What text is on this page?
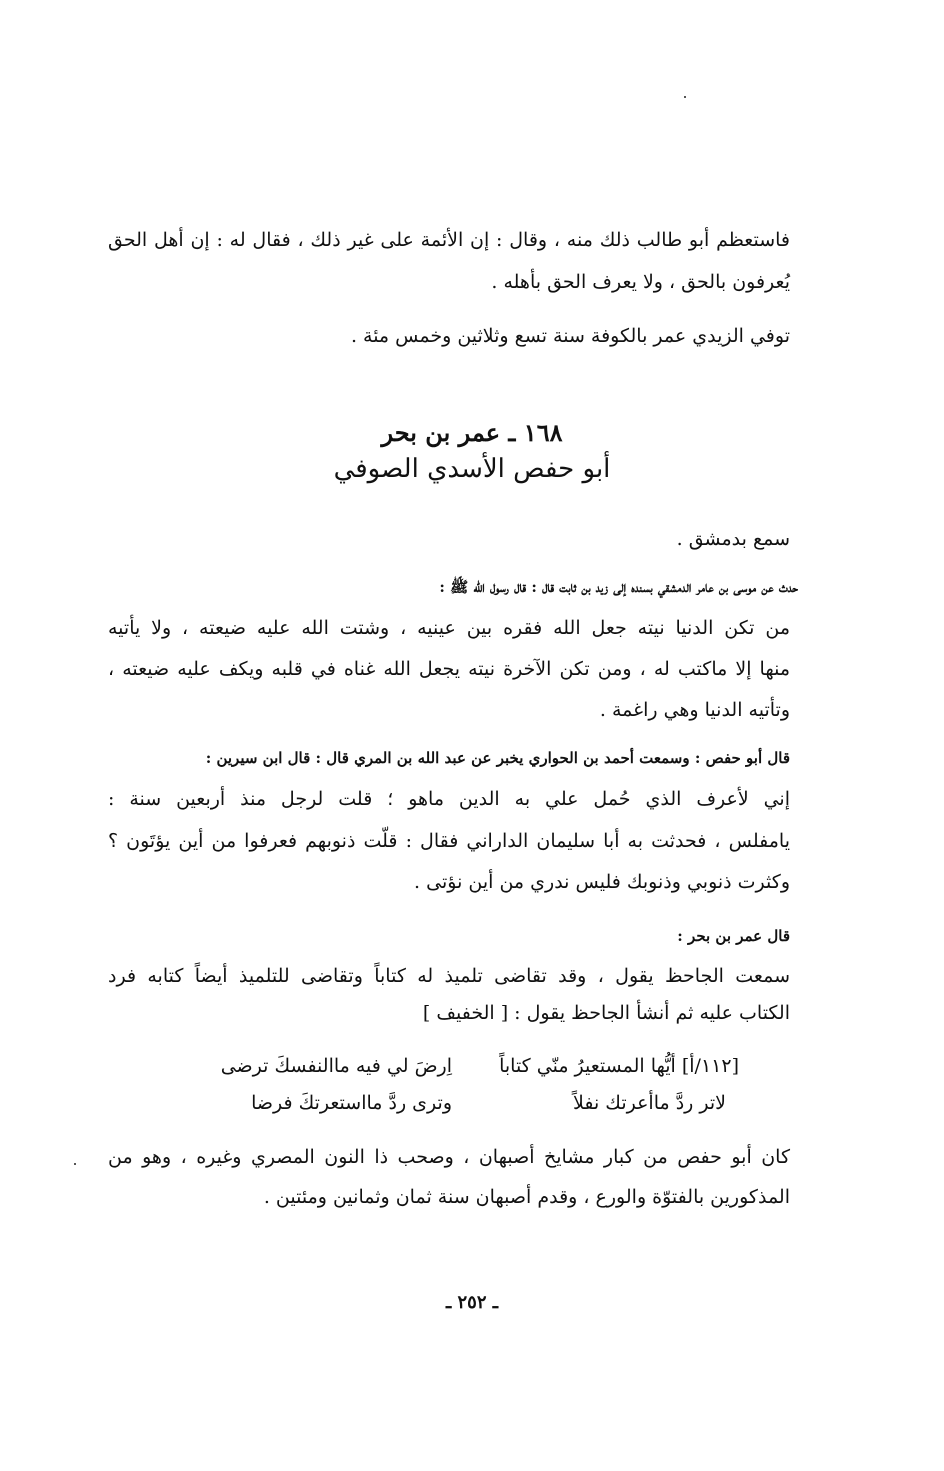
فاستعظم أبو طالب ذلك منه ، وقال : إن الأئمة على غير ذلك ، فقال له : إن أهل الحق
يُعرفون بالحق ، ولا يعرف الحق بأهله .
توفي الزيدي عمر بالكوفة سنة تسع وثلاثين وخمس مئة .
١٦٨ ـ عمر بن بحر
أبو حفص الأسدي الصوفي
سمع بدمشق .
حدث عن موسى بن عامر الدمشقي بسنده إلى زيد بن ثابت قال : قال رسول الله ﷺ :
من تكن الدنيا نيته جعل الله فقره بين عينيه ، وشتت الله عليه ضيعته ، ولا يأتيه
منها إلا ماكتب له ، ومن تكن الآخرة نيته يجعل الله غناه في قلبه ويكف عليه ضيعته ،
وتأتيه الدنيا وهي راغمة .
قال أبو حفص : وسمعت أحمد بن الحواري يخبر عن عبد الله بن المري قال : قال ابن سيرين :
إني لأعرف الذي حُمل علي به الدين ماهو ؛ قلت لرجل منذ أربعين سنة :
يامفلس ، فحدثت به أبا سليمان الداراني فقال : قلّت ذنوبهم فعرفوا من أين يؤتَون ؟
وكثرت ذنوبي وذنوبك فليس ندري من أين نؤتى .
قال عمر بن بحر :
سمعت الجاحظ يقول ، وقد تقاضى تلميذ له كتاباً وتقاضى للتلميذ أيضاً كتابه فرد
الكتاب عليه ثم أنشأ الجاحظ يقول : [ الخفيف ]
[١١٢/أ] أيُّها المستعيرُ منّي كتاباً
اِرضَ لي فيه ماالنفسكَ ترضى
لاتر ردَّ ماأعرتك نفلاً
وترى ردَّ مااستعرتكَ فرضا
كان أبو حفص من كبار مشايخ أصبهان ، وصحب ذا النون المصري وغيره ، وهو من
المذكورين بالفتوّة والورع ، وقدم أصبهان سنة ثمان وثمانين ومئتين .
ـ ٢٥٢ ـ
